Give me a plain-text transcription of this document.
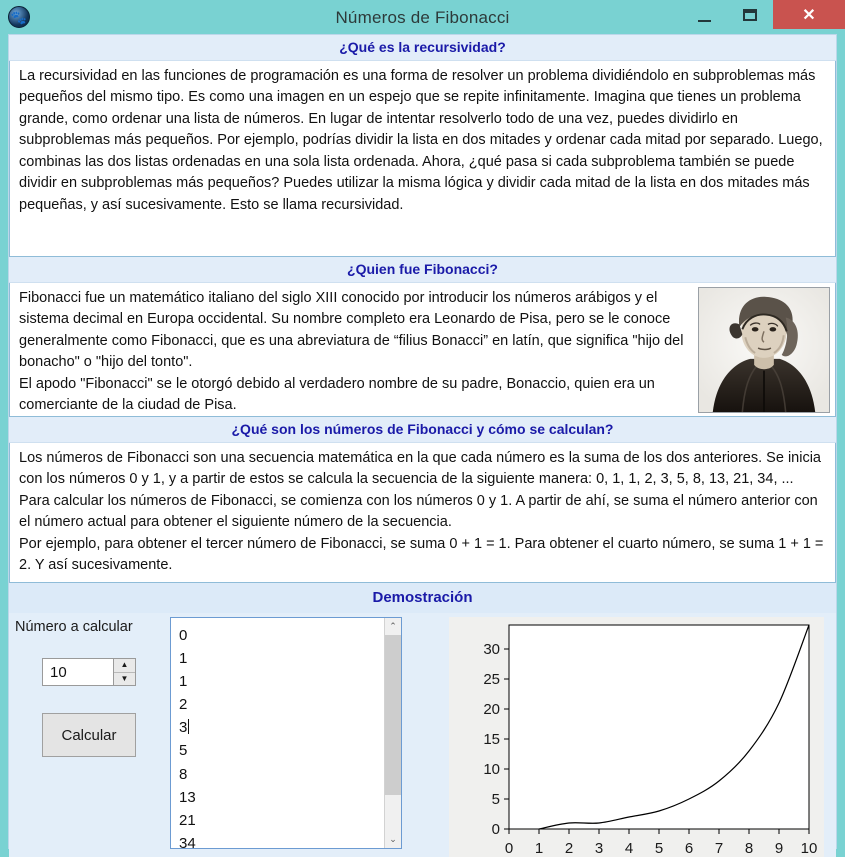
🐾	Números de Fibonacci	✕
¿Qué es la recursividad?

La recursividad en las funciones de programación es una forma de resolver un problema dividiéndolo en subproblemas más pequeños del mismo tipo. Es como una imagen en un espejo que se repite infinitamente. Imagina que tienes un problema grande, como ordenar una lista de números. En lugar de intentar resolverlo todo de una vez, puedes dividirlo en subproblemas más pequeños. Por ejemplo, podrías dividir la lista en dos mitades y ordenar cada mitad por separado. Luego, combinas las dos listas ordenadas en una sola lista ordenada. Ahora, ¿qué pasa si cada subproblema también se puede dividir en subproblemas más pequeños? Puedes utilizar la misma lógica y dividir cada mitad de la lista en dos mitades más pequeñas, y así sucesivamente. Esto se llama recursividad.

¿Quien fue Fibonacci?

Fibonacci fue un matemático italiano del siglo XIII conocido por introducir los números arábigos y el sistema decimal en Europa occidental. Su nombre completo era Leonardo de Pisa, pero se le conoce generalmente como Fibonacci, que es una abreviatura de “filius Bonacci” en latín, que significa "hijo del bonacho" o "hijo del tonto".

El apodo "Fibonacci" se le otorgó debido al verdadero nombre de su padre, Bonaccio, quien era un comerciante de la ciudad de Pisa.

¿Qué son los números de Fibonacci y cómo se calculan?

Los números de Fibonacci son una secuencia matemática en la que cada número es la suma de los dos anteriores. Se inicia con los números 0 y 1, y a partir de estos se calcula la secuencia de la siguiente manera: 0, 1, 1, 2, 3, 5, 8, 13, 21, 34, ...

Para calcular los números de Fibonacci, se comienza con los números 0 y 1. A partir de ahí, se suma el número anterior con el número actual para obtener el siguiente número de la secuencia.

Por ejemplo, para obtener el tercer número de Fibonacci, se suma 0 + 1 = 1. Para obtener el cuarto número, se suma 1 + 1 = 2. Y así sucesivamente.

Demostración
Número a calcular
10	▲
▼
Calcular
0
1
1
2
3
5
8
13
21
34
⌃
⌄
0
5
10
15
20
25
30
0 1 2 3 4 5 6 7 8 9 10
